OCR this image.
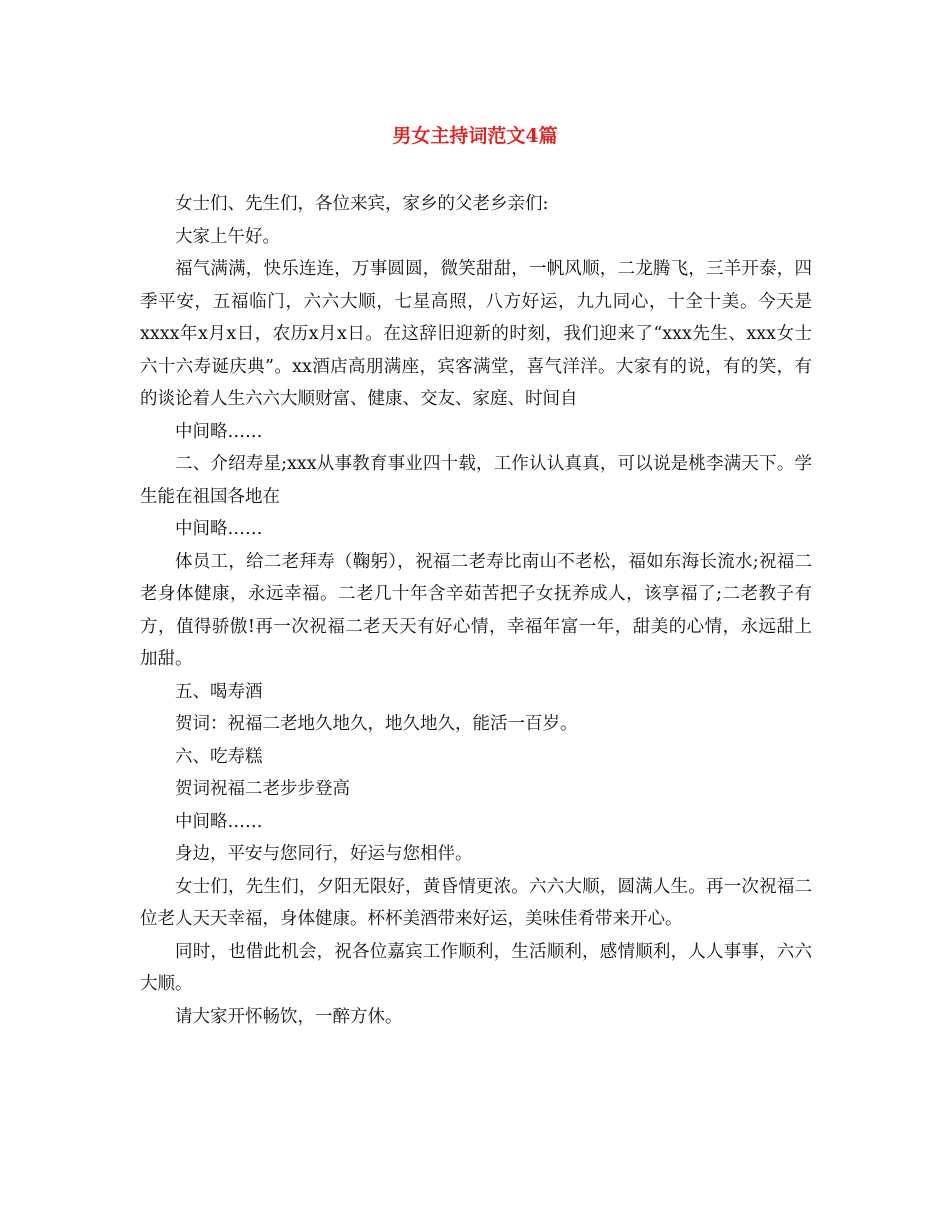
男女主持词范文4篇

女士们、先生们，各位来宾，家乡的父老乡亲们:

大家上午好。

福气满满，快乐连连，万事圆圆，微笑甜甜，一帆风顺，二龙腾飞，三羊开泰，四季平安，五福临门，六六大顺，七星高照，八方好运，九九同心，十全十美。今天是xxxx年x月x日，农历x月x日。在这辞旧迎新的时刻，我们迎来了“xxx先生、xxx女士六十六寿诞庆典”。xx酒店高朋满座，宾客满堂，喜气洋洋。大家有的说，有的笑，有的谈论着人生六六大顺财富、健康、交友、家庭、时间自

中间略……

二、介绍寿星;xxx从事教育事业四十载，工作认认真真，可以说是桃李满天下。学生能在祖国各地在

中间略……

体员工，给二老拜寿（鞠躬），祝福二老寿比南山不老松，福如东海长流水;祝福二老身体健康，永远幸福。二老几十年含辛茹苦把子女抚养成人，该享福了;二老教子有方，值得骄傲!再一次祝福二老天天有好心情，幸福年富一年，甜美的心情，永远甜上加甜。

五、喝寿酒

贺词：祝福二老地久地久，地久地久，能活一百岁。

六、吃寿糕

贺词祝福二老步步登高

中间略……

身边，平安与您同行，好运与您相伴。

女士们，先生们，夕阳无限好，黄昏情更浓。六六大顺，圆满人生。再一次祝福二位老人天天幸福，身体健康。杯杯美酒带来好运，美味佳肴带来开心。

同时，也借此机会，祝各位嘉宾工作顺利，生活顺利，感情顺利，人人事事，六六大顺。

请大家开怀畅饮，一醉方休。
